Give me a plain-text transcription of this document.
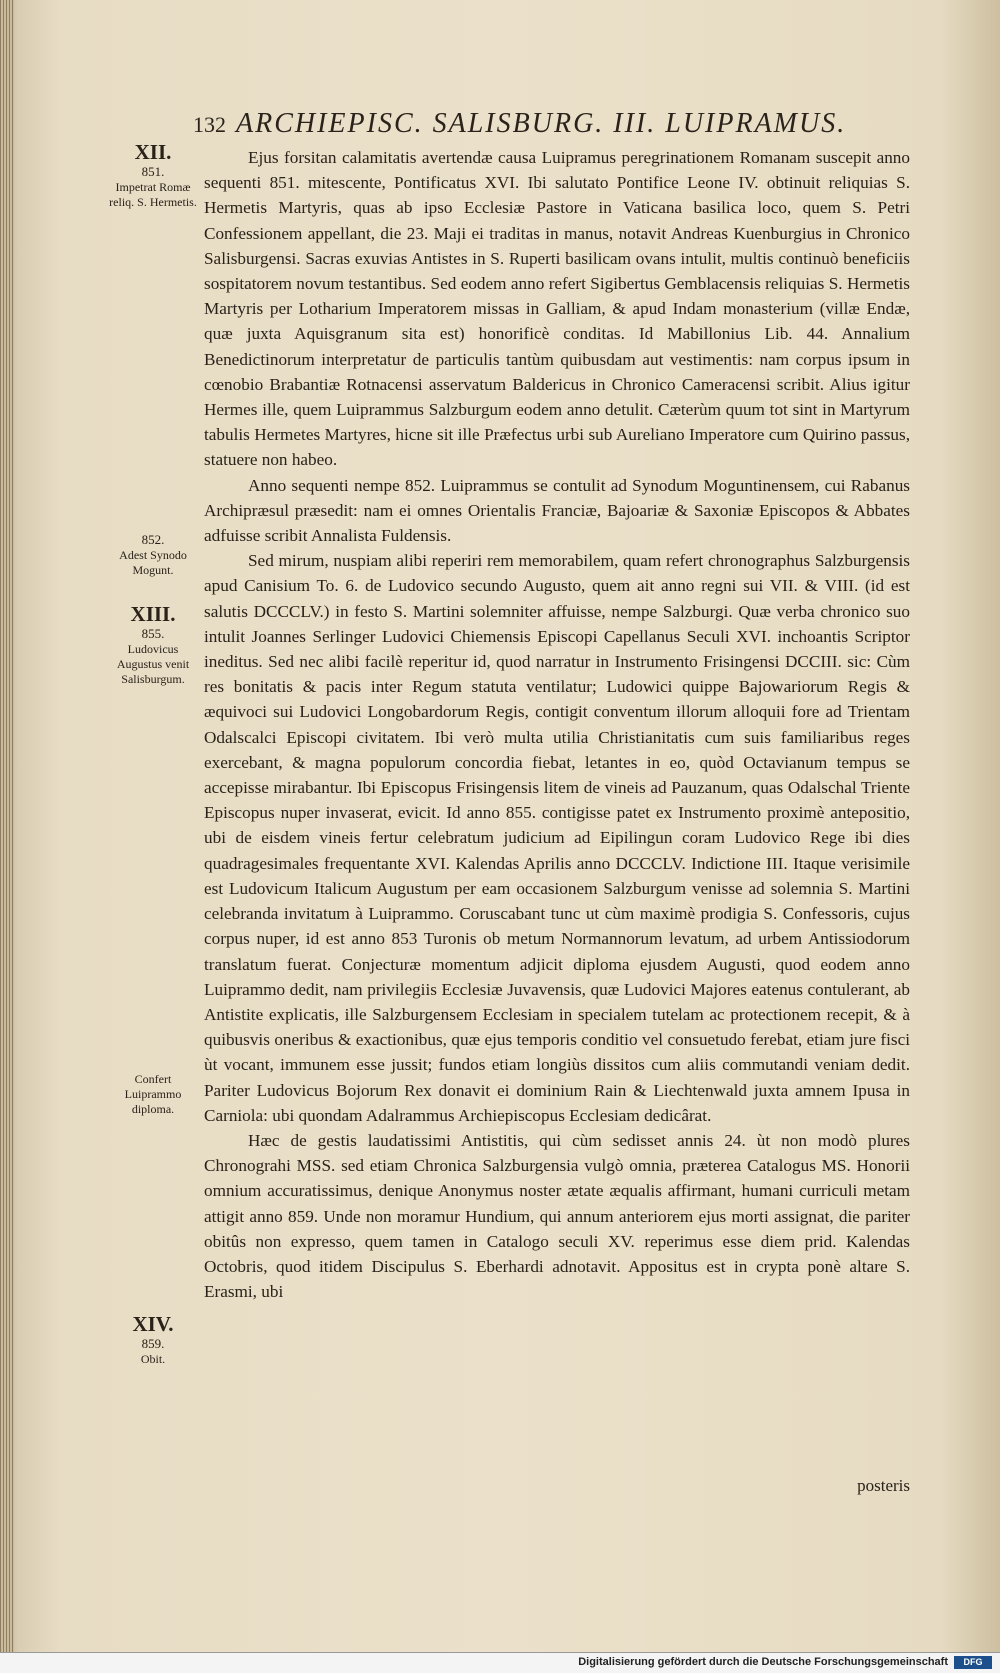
132 ARCHIEPISC. SALISBURG. III. LUIPRAMUS.
XII.
851.
Impetrat Romæ reliq. S. Hermetis.
852.
Adest Synodo Mogunt.
XIII.
855.
Ludovicus Augustus venit Salisburgum.
Confert Luiprammo diploma.
XIV.
859.
Obit.

Ejus forsitan calamitatis avertendæ causa Luipramus peregrinationem Romanam suscepit anno sequenti 851. mitescente, Pontificatus XVI. Ibi salutato Pontifice Leone IV. obtinuit reliquias S. Hermetis Martyris, quas ab ipso Ecclesiæ Pastore in Vaticana basilica loco, quem S. Petri Confessionem appellant, die 23. Maji ei traditas in manus, notavit Andreas Kuenburgius in Chronico Salisburgensi. Sacras exuvias Antistes in S. Ruperti basilicam ovans intulit, multis continuò beneficiis sospitatorem novum testantibus. Sed eodem anno refert Sigibertus Gemblacensis reliquias S. Hermetis Martyris per Lotharium Imperatorem missas in Galliam, & apud Indam monasterium (villæ Endæ, quæ juxta Aquisgranum sita est) honorificè conditas. Id Mabillonius Lib. 44. Annalium Benedictinorum interpretatur de particulis tantùm quibusdam aut vestimentis: nam corpus ipsum in cœnobio Brabantiæ Rotnacensi asservatum Baldericus in Chronico Cameracensi scribit. Alius igitur Hermes ille, quem Luiprammus Salzburgum eodem anno detulit. Cæterùm quum tot sint in Martyrum tabulis Hermetes Martyres, hicne sit ille Præfectus urbi sub Aureliano Imperatore cum Quirino passus, statuere non habeo.

Anno sequenti nempe 852. Luiprammus se contulit ad Synodum Moguntinensem, cui Rabanus Archipræsul præsedit: nam ei omnes Orientalis Franciæ, Bajoariæ & Saxoniæ Episcopos & Abbates adfuisse scribit Annalista Fuldensis.

Sed mirum, nuspiam alibi reperiri rem memorabilem, quam refert chronographus Salzburgensis apud Canisium To. 6. de Ludovico secundo Augusto, quem ait anno regni sui VII. & VIII. (id est salutis DCCCLV.) in festo S. Martini solemniter affuisse, nempe Salzburgi. Quæ verba chronico suo intulit Joannes Serlinger Ludovici Chiemensis Episcopi Capellanus Seculi XVI. inchoantis Scriptor ineditus. Sed nec alibi facilè reperitur id, quod narratur in Instrumento Frisingensi DCCIII. sic: Cùm res bonitatis & pacis inter Regum statuta ventilatur; Ludowici quippe Bajowariorum Regis & æquivoci sui Ludovici Longobardorum Regis, contigit conventum illorum alloquii fore ad Trientam Odalscalci Episcopi civitatem. Ibi verò multa utilia Christianitatis cum suis familiaribus reges exercebant, & magna populorum concordia fiebat, letantes in eo, quòd Octavianum tempus se accepisse mirabantur. Ibi Episcopus Frisingensis litem de vineis ad Pauzanum, quas Odalschal Triente Episcopus nuper invaserat, evicit. Id anno 855. contigisse patet ex Instrumento proximè antepositio, ubi de eisdem vineis fertur celebratum judicium ad Eipilingun coram Ludovico Rege ibi dies quadragesimales frequentante XVI. Kalendas Aprilis anno DCCCLV. Indictione III. Itaque verisimile est Ludovicum Italicum Augustum per eam occasionem Salzburgum venisse ad solemnia S. Martini celebranda invitatum à Luiprammo. Coruscabant tunc ut cùm maximè prodigia S. Confessoris, cujus corpus nuper, id est anno 853 Turonis ob metum Normannorum levatum, ad urbem Antissiodorum translatum fuerat. Conjecturæ momentum adjicit diploma ejusdem Augusti, quod eodem anno Luiprammo dedit, nam privilegiis Ecclesiæ Juvavensis, quæ Ludovici Majores eatenus contulerant, ab Antistite explicatis, ille Salzburgensem Ecclesiam in specialem tutelam ac protectionem recepit, & à quibusvis oneribus & exactionibus, quæ ejus temporis conditio vel consuetudo ferebat, etiam jure fisci ùt vocant, immunem esse jussit; fundos etiam longiùs dissitos cum aliis commutandi veniam dedit. Pariter Ludovicus Bojorum Rex donavit ei dominium Rain & Liechtenwald juxta amnem Ipusa in Carniola: ubi quondam Adalrammus Archiepiscopus Ecclesiam dedicârat.

Hæc de gestis laudatissimi Antistitis, qui cùm sedisset annis 24. ùt non modò plures Chronograhi MSS. sed etiam Chronica Salzburgensia vulgò omnia, præterea Catalogus MS. Honorii omnium accuratissimus, denique Anonymus noster ætate æqualis affirmant, humani curriculi metam attigit anno 859. Unde non moramur Hundium, qui annum anteriorem ejus morti assignat, die pariter obitûs non expresso, quem tamen in Catalogo seculi XV. reperimus esse diem prid. Kalendas Octobris, quod itidem Discipulus S. Eberhardi adnotavit. Appositus est in crypta ponè altare S. Erasmi, ubi

posteris
Digitalisierung gefördert durch die Deutsche Forschungsgemeinschaft	DFG
